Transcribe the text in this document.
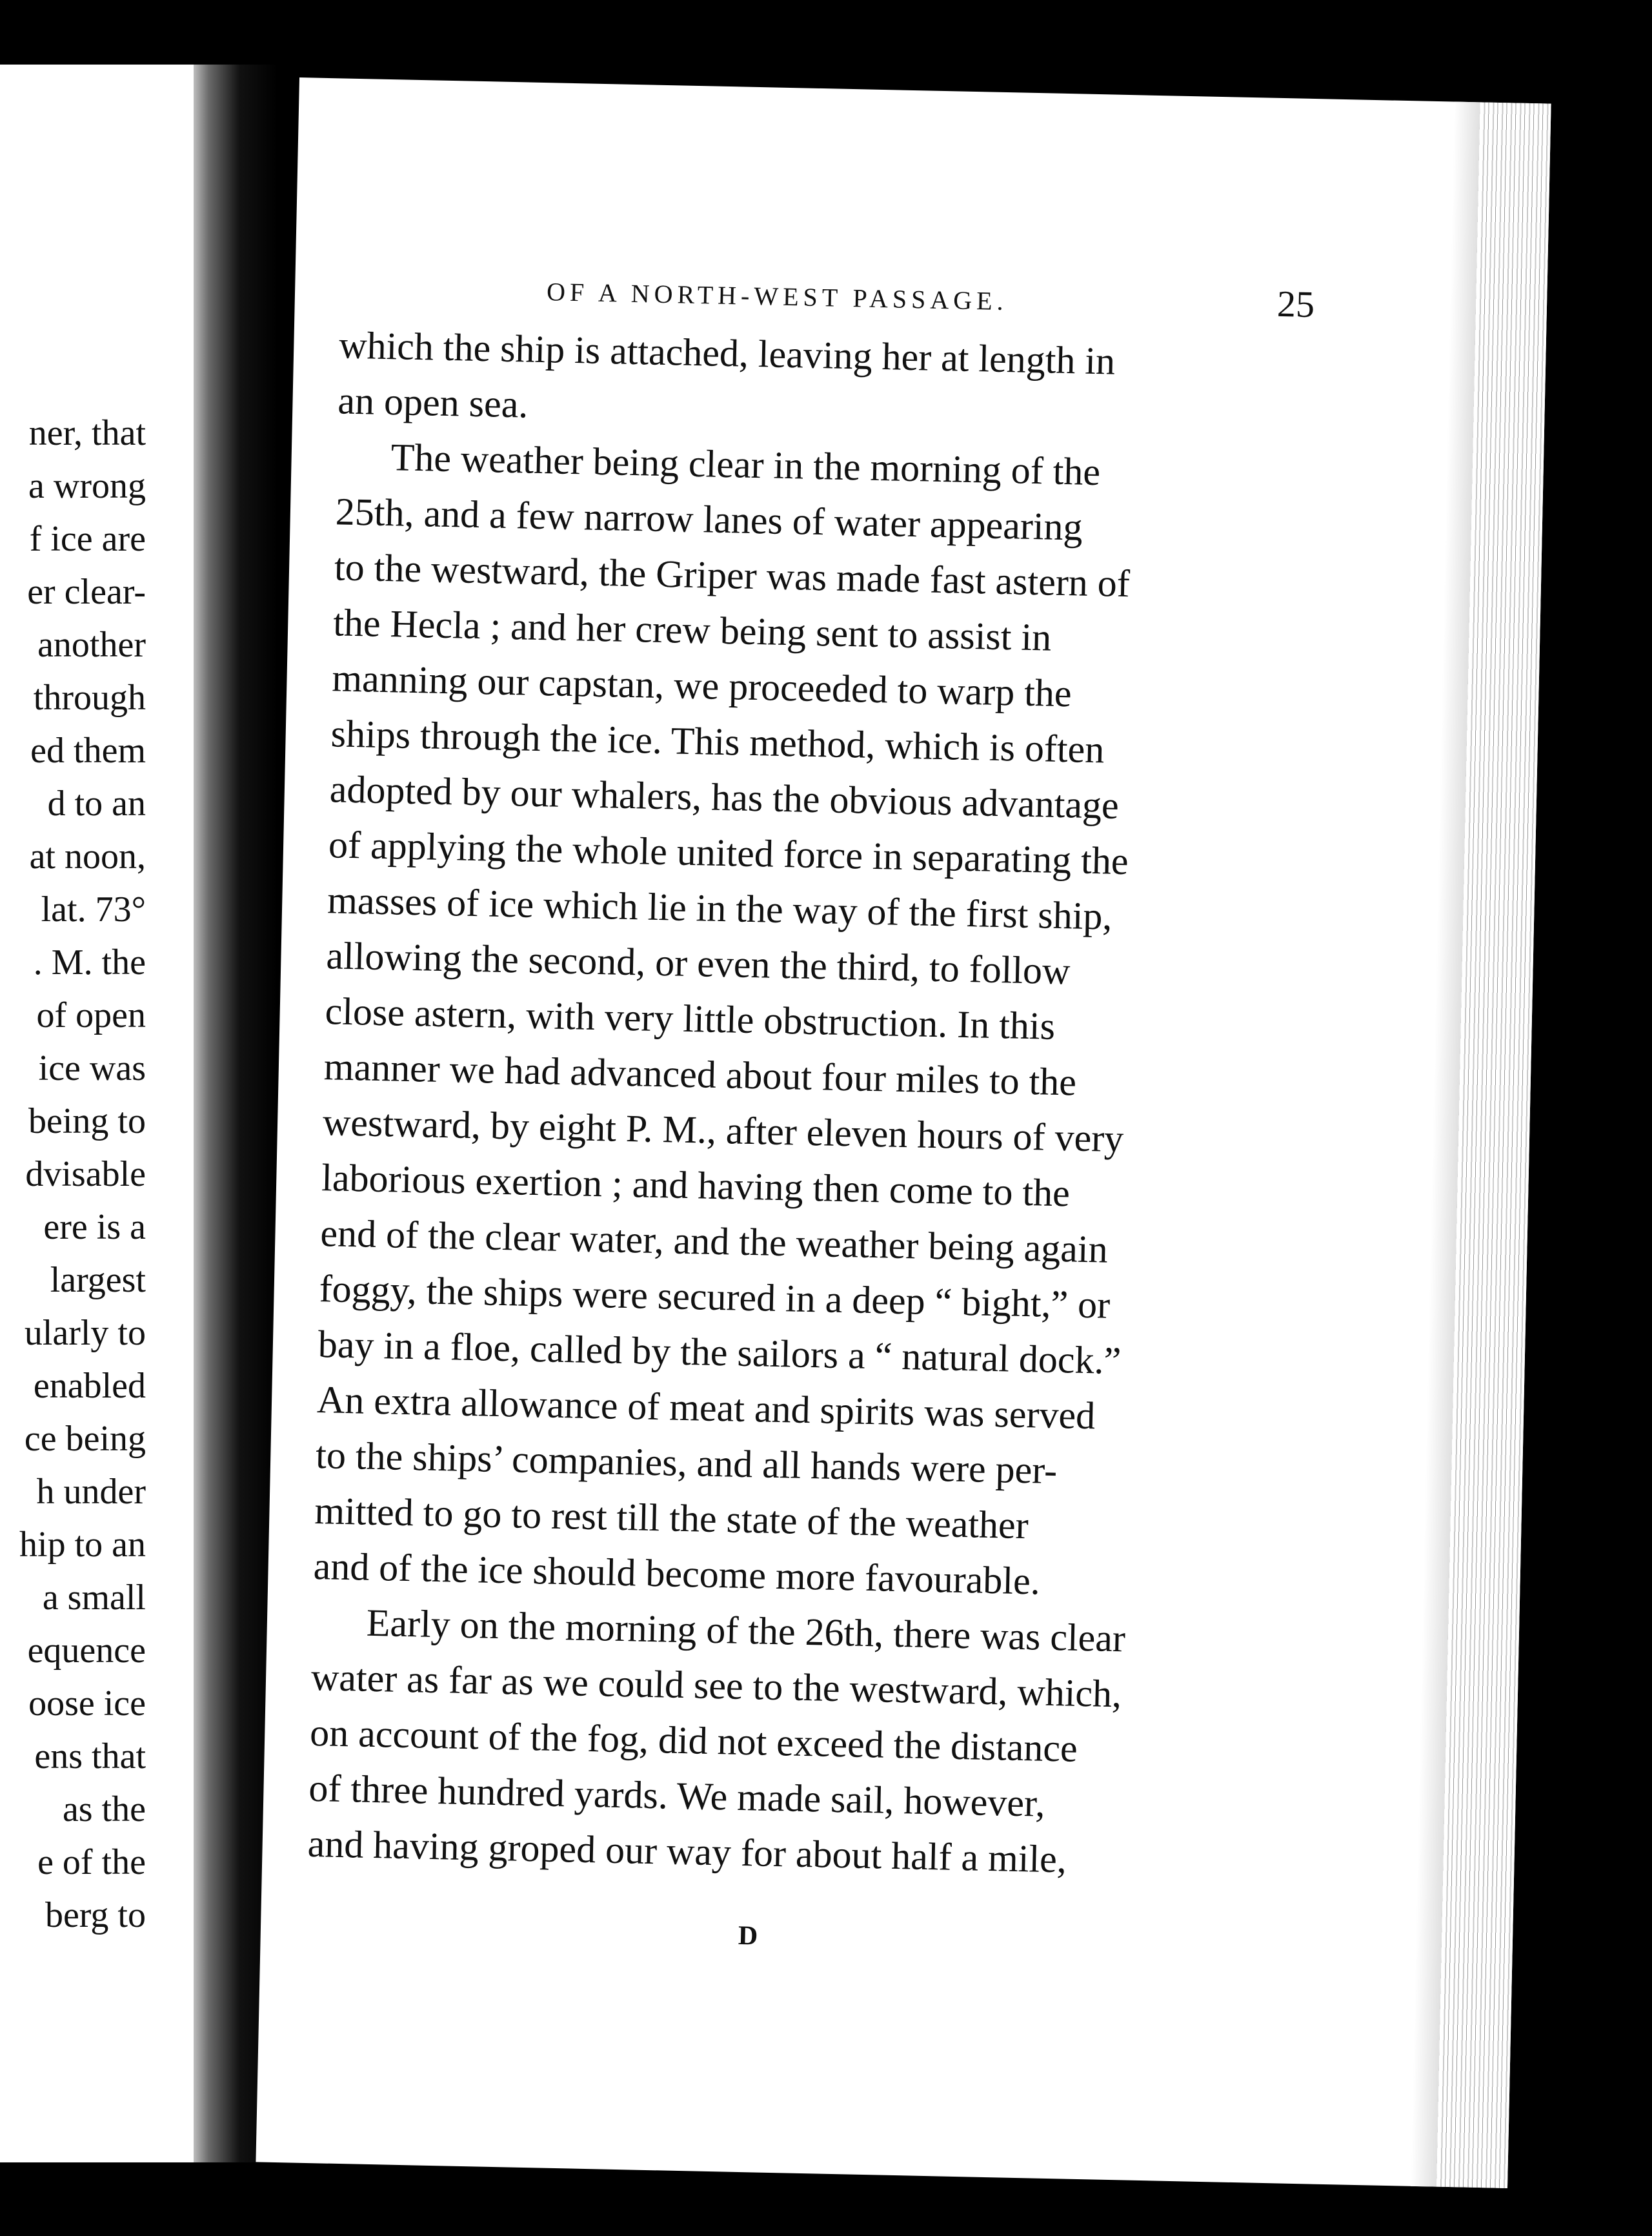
ner, that
a wrong
f ice are
er clear-
another
through
ed them
d to an
at noon,
lat. 73°
. M. the
of open
ice was
being to
dvisable
ere is a
largest
ularly to
enabled
ce being
h under
hip to an
a small
equence
oose ice
ens that
as the
e of the
berg to
OF A NORTH-WEST PASSAGE.	25
which the ship is attached, leaving her at length in
an open sea.
The weather being clear in the morning of the
25th, and a few narrow lanes of water appearing
to the westward, the Griper was made fast astern of
the Hecla ; and her crew being sent to assist in
manning our capstan, we proceeded to warp the
ships through the ice. This method, which is often
adopted by our whalers, has the obvious advantage
of applying the whole united force in separating the
masses of ice which lie in the way of the first ship,
allowing the second, or even the third, to follow
close astern, with very little obstruction. In this
manner we had advanced about four miles to the
westward, by eight P. M., after eleven hours of very
laborious exertion ; and having then come to the
end of the clear water, and the weather being again
foggy, the ships were secured in a deep “ bight,” or
bay in a floe, called by the sailors a “ natural dock.”
An extra allowance of meat and spirits was served
to the ships’ companies, and all hands were per-
mitted to go to rest till the state of the weather
and of the ice should become more favourable.
Early on the morning of the 26th, there was clear
water as far as we could see to the westward, which,
on account of the fog, did not exceed the distance
of three hundred yards. We made sail, however,
and having groped our way for about half a mile,
D
